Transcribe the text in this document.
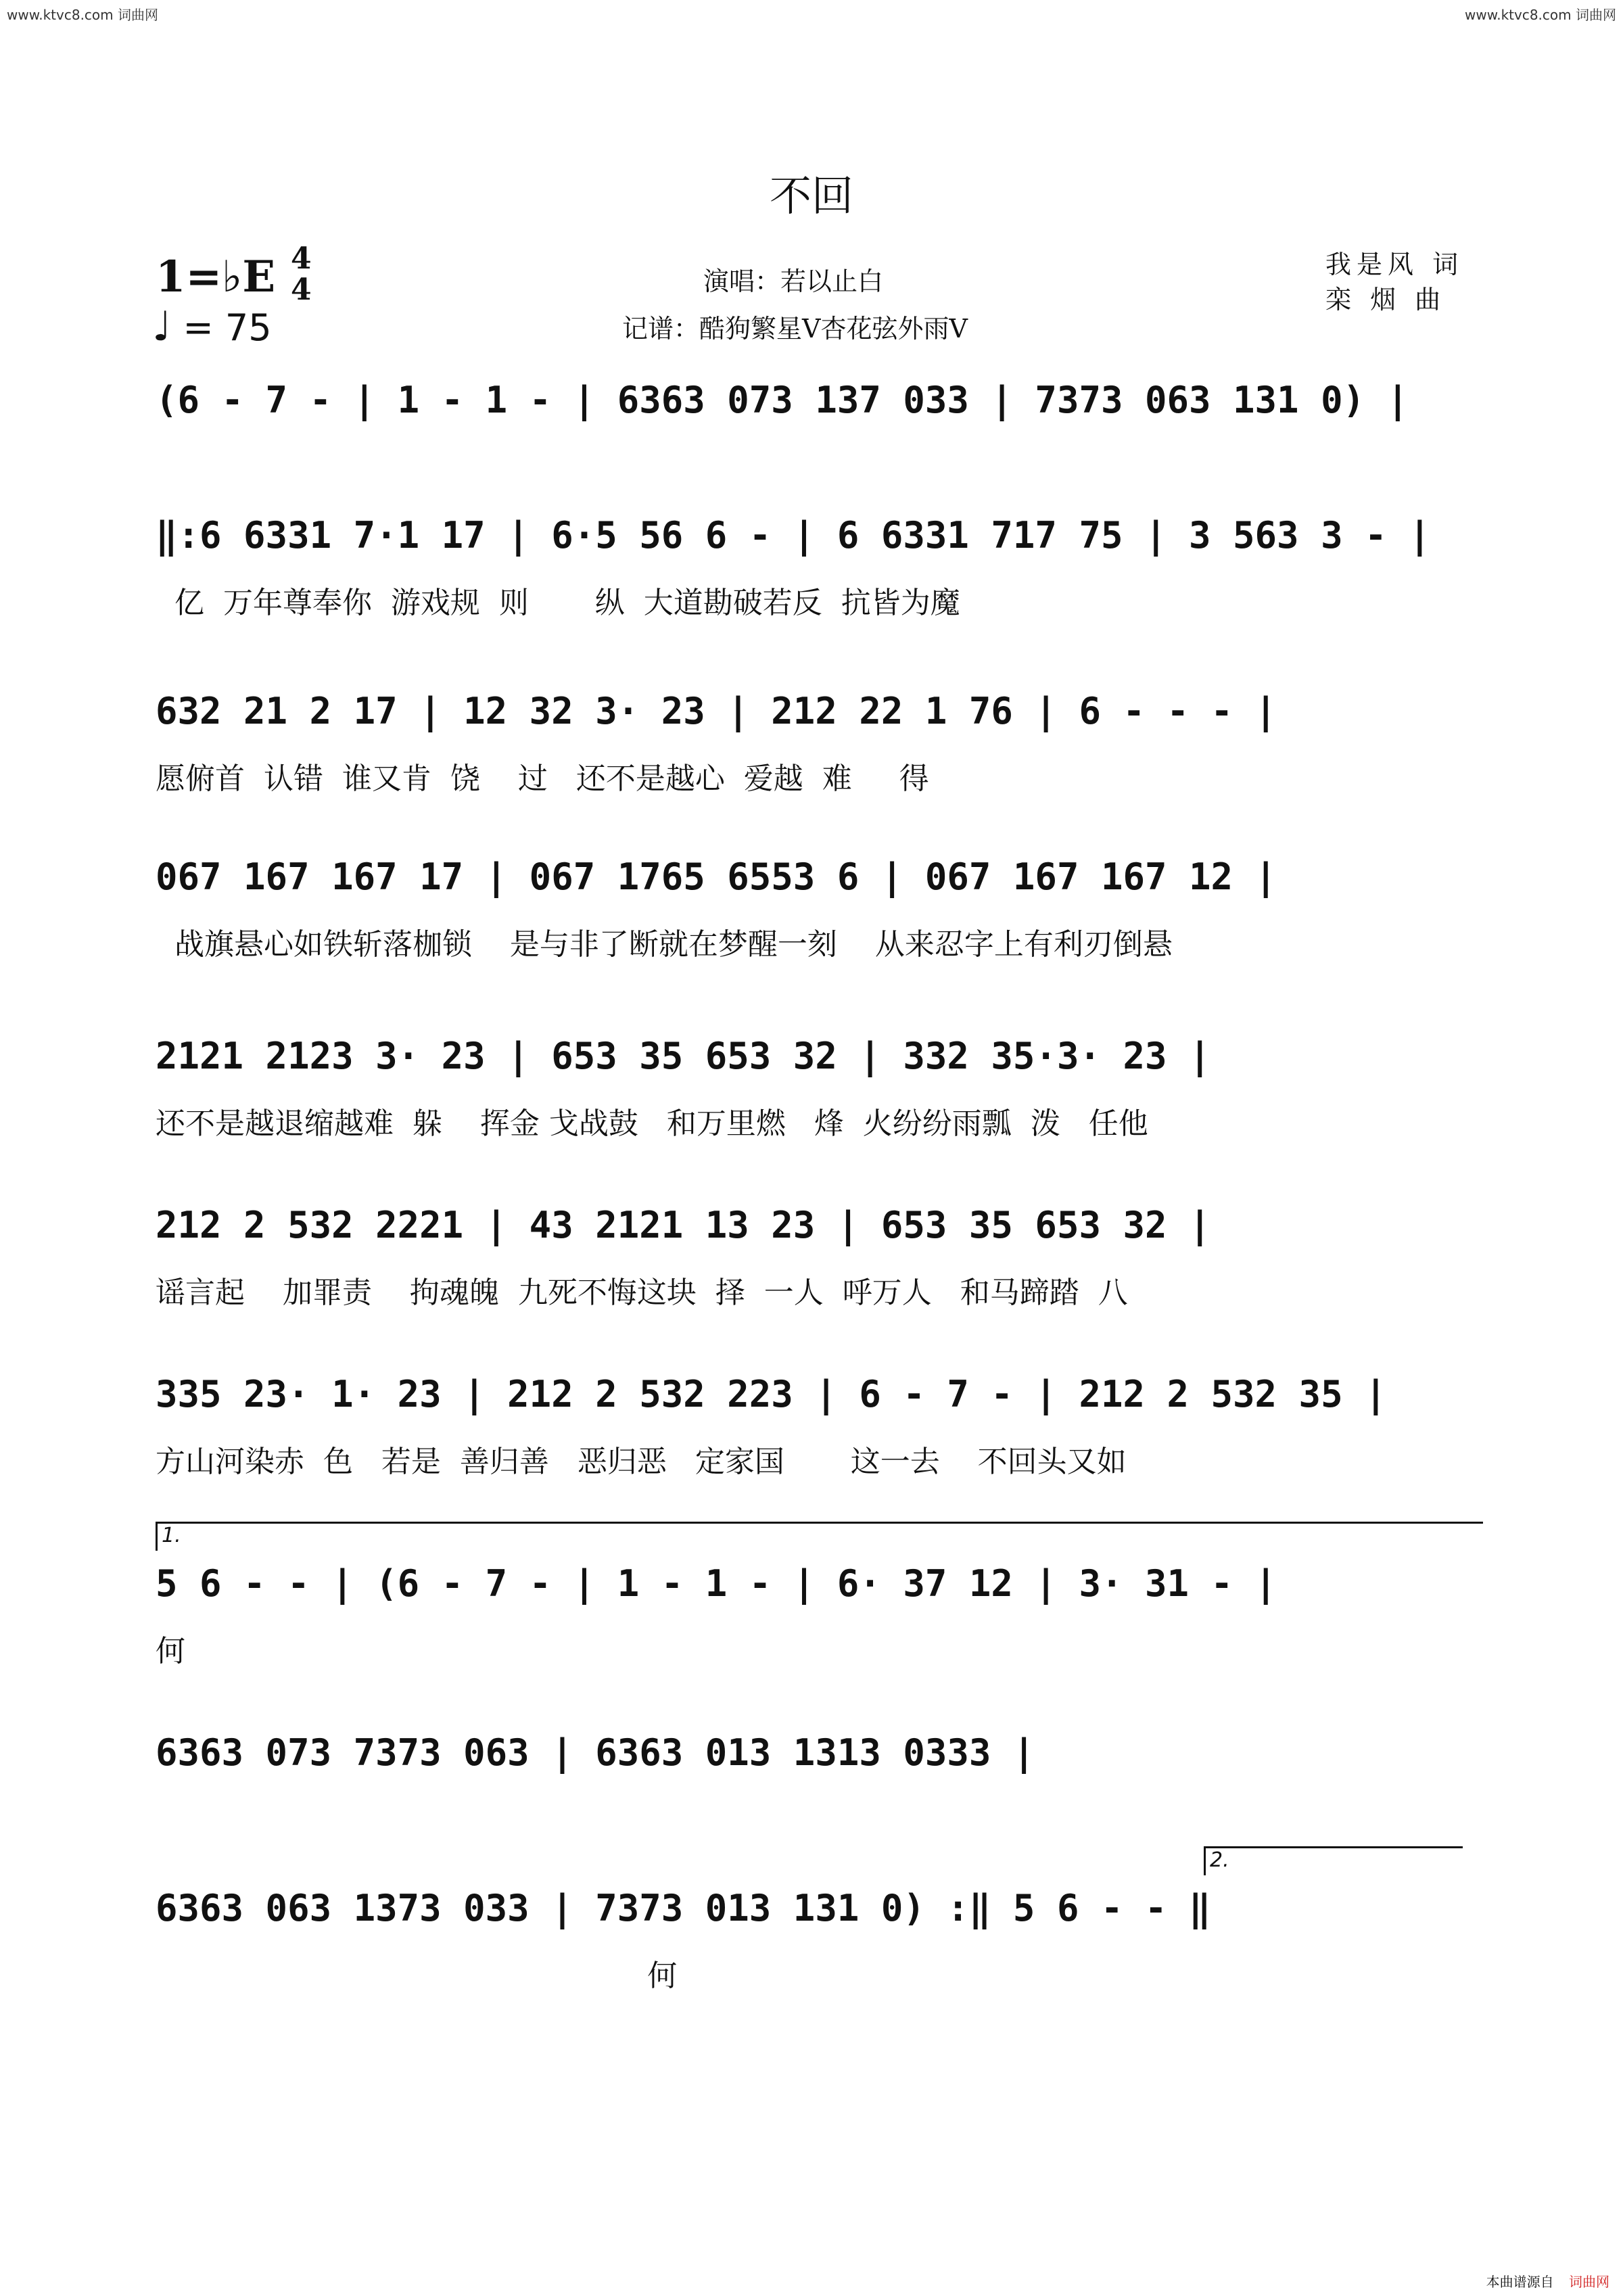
www.ktvc8.com 词曲网	www.ktvc8.com 词曲网
不回
1=♭E 4
4
♩ = 75
演唱：若以止白
记谱：酷狗繁星V杏花弦外雨V
我是风 词
栾 烟 曲
(6 - 7 - | 1 - 1 - | 6363 073 137 033 | 7373 063 131 0) |
‖:6 6331 7·1 17 | 6·5 56 6 - | 6 6331 717 75 | 3 563 3 - |
亿  万年尊奉你  游戏规  则       纵  大道勘破若反  抗皆为魔
632 21 2 17 | 12 32 3· 23 | 212 22 1 76 | 6 - - - |
愿俯首  认错  谁又肯  饶    过   还不是越心  爱越  难     得
067 167 167 17 | 067 1765 6553 6 | 067 167 167 12 |
战旗悬心如铁斩落枷锁    是与非了断就在梦醒一刻    从来忍字上有利刃倒悬
2121 2123 3· 23 | 653 35 653 32 | 332 35·3· 23 |
还不是越退缩越难  躲    挥金 戈战鼓   和万里燃   烽  火纷纷雨瓢  泼   任他
212 2 532 2221 | 43 2121 13 23 | 653 35 653 32 |
谣言起    加罪责    拘魂魄  九死不悔这块  择  一人  呼万人   和马蹄踏  八
335 23· 1· 23 | 212 2 532 223 | 6 - 7 - | 212 2 532 35 |
方山河染赤  色   若是  善归善   恶归恶   定家国       这一去    不回头又如
1.
5 6 - - | (6 - 7 - | 1 - 1 - | 6· 37 12 | 3· 31 - |
何
6363 073 7373 063 | 6363 013 1313 0333 |
2.
6363 063 1373 033 | 7373 013 131 0) :‖ 5 6 - - ‖
何
本曲谱源自 词曲网
